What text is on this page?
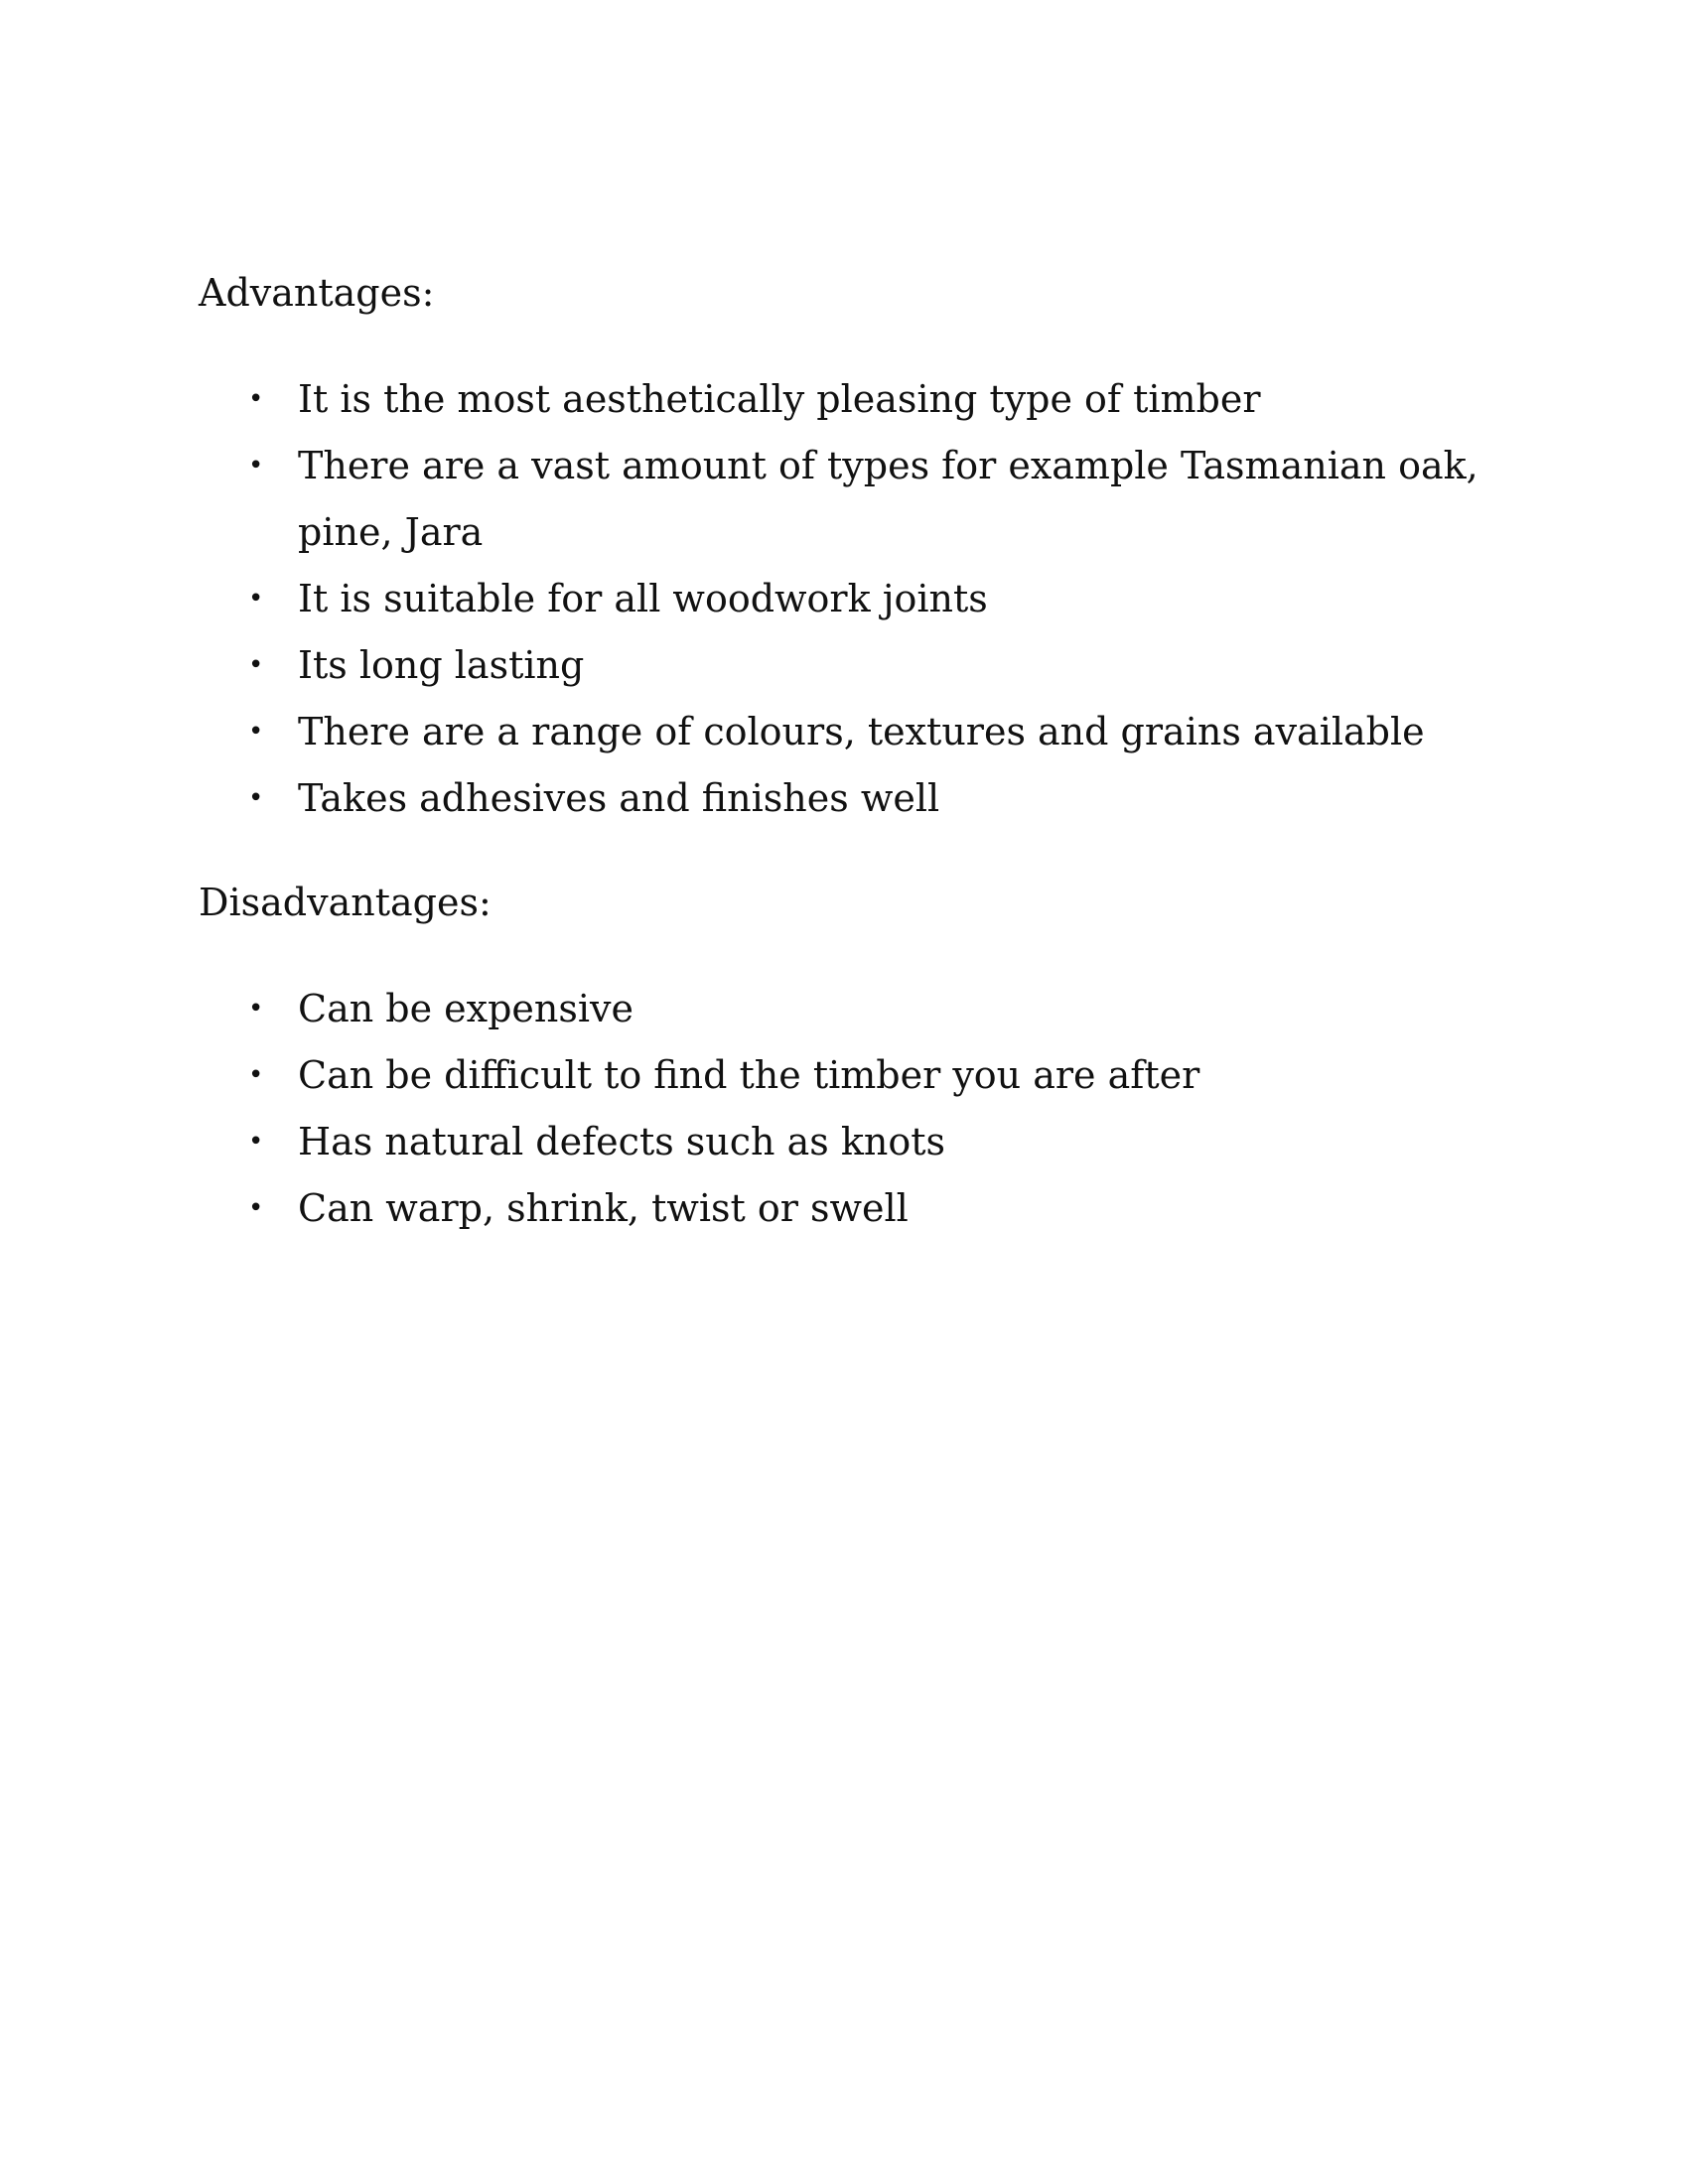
Advantages:

• It is the most aesthetically pleasing type of timber
• There are a vast amount of types for example Tasmanian oak, pine, Jara
• It is suitable for all woodwork joints
• Its long lasting
• There are a range of colours, textures and grains available
• Takes adhesives and finishes well

Disadvantages:

• Can be expensive
• Can be difficult to find the timber you are after
• Has natural defects such as knots
• Can warp, shrink, twist or swell
